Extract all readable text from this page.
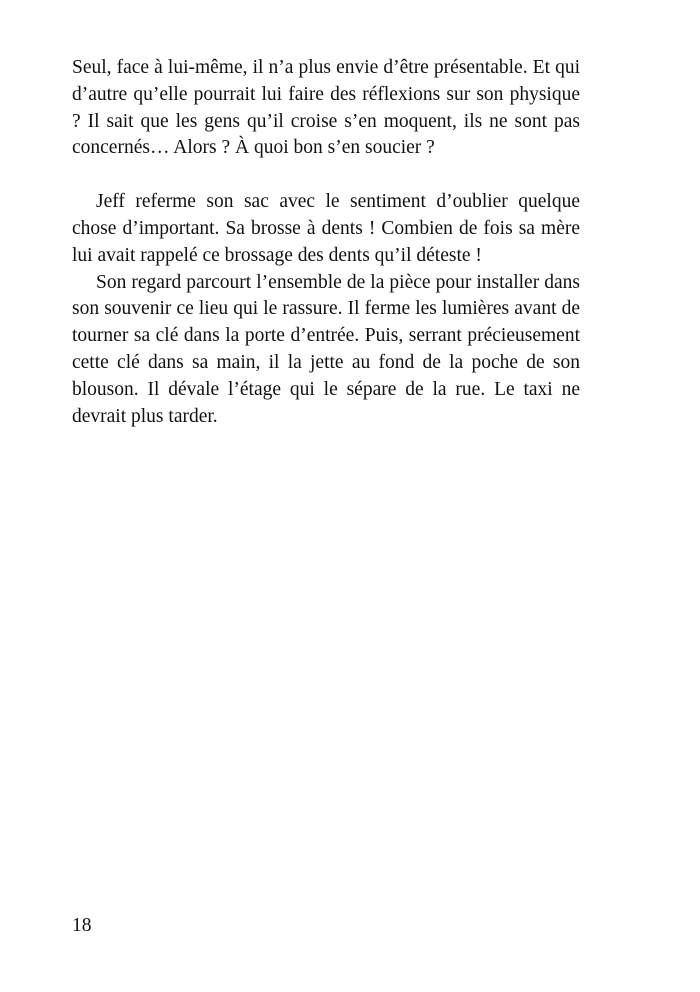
Seul, face à lui-même, il n’a plus envie d’être présentable. Et qui d’autre qu’elle pourrait lui faire des réflexions sur son physique ? Il sait que les gens qu’il croise s’en moquent, ils ne sont pas concernés… Alors ? À quoi bon s’en soucier ?

Jeff referme son sac avec le sentiment d’oublier quelque chose d’important. Sa brosse à dents ! Combien de fois sa mère lui avait rappelé ce brossage des dents qu’il déteste !

Son regard parcourt l’ensemble de la pièce pour installer dans son souvenir ce lieu qui le rassure. Il ferme les lumières avant de tourner sa clé dans la porte d’entrée. Puis, serrant précieusement cette clé dans sa main, il la jette au fond de la poche de son blouson. Il dévale l’étage qui le sépare de la rue. Le taxi ne devrait plus tarder.

18
